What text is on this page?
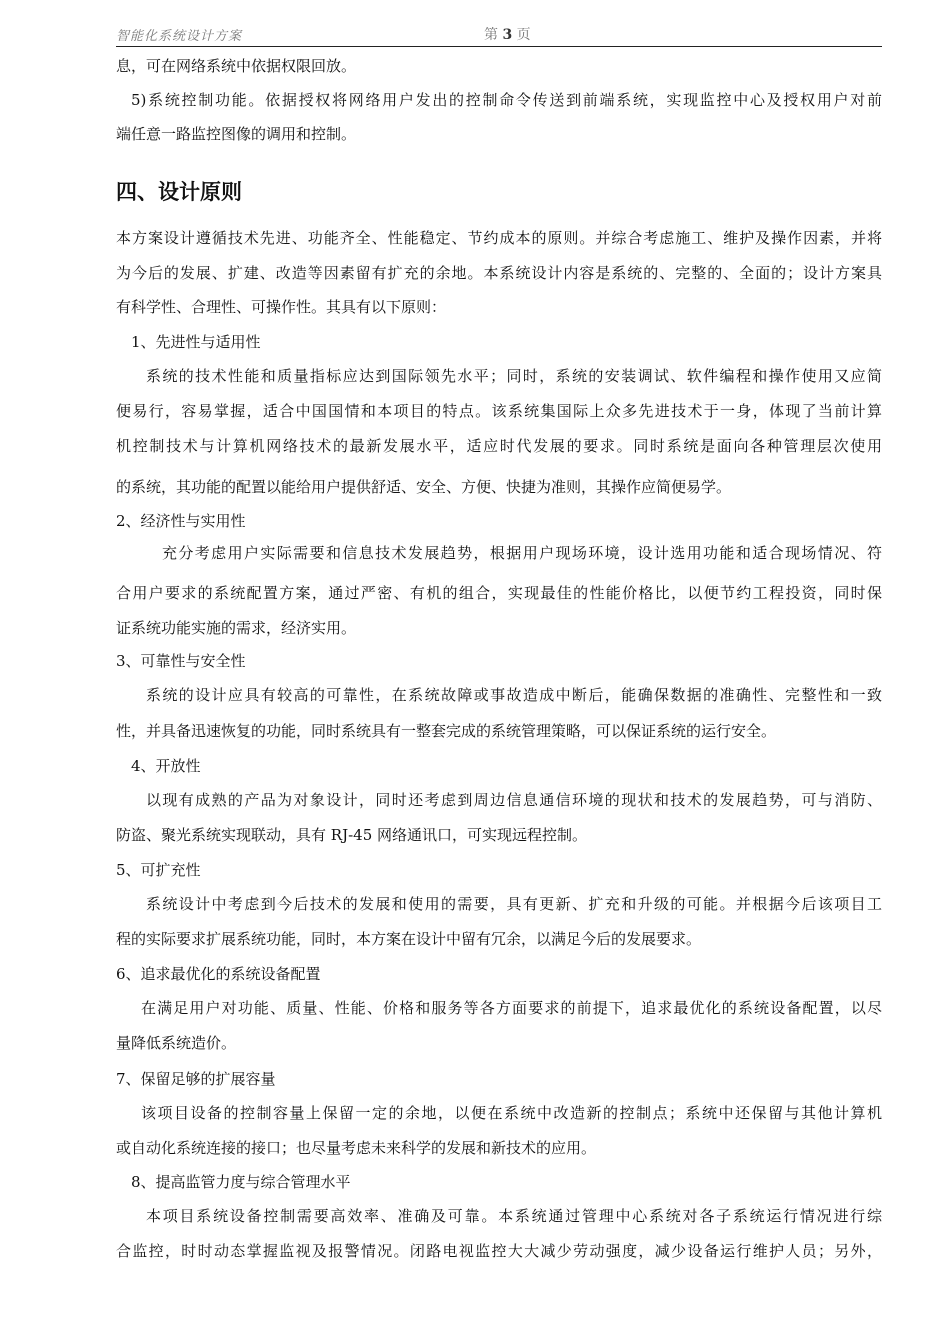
智能化系统设计方案	第 3 页
息，可在网络系统中依据权限回放。
5)系统控制功能。依据授权将网络用户发出的控制命令传送到前端系统，实现监控中心及授权用户对前
端任意一路监控图像的调用和控制。
四、设计原则
本方案设计遵循技术先进、功能齐全、性能稳定、节约成本的原则。并综合考虑施工、维护及操作因素，并将
为今后的发展、扩建、改造等因素留有扩充的余地。本系统设计内容是系统的、完整的、全面的；设计方案具
有科学性、合理性、可操作性。其具有以下原则：
1、先进性与适用性
系统的技术性能和质量指标应达到国际领先水平；同时，系统的安装调试、软件编程和操作使用又应简
便易行，容易掌握，适合中国国情和本项目的特点。该系统集国际上众多先进技术于一身，体现了当前计算
机控制技术与计算机网络技术的最新发展水平，适应时代发展的要求。同时系统是面向各种管理层次使用
的系统，其功能的配置以能给用户提供舒适、安全、方便、快捷为准则，其操作应简便易学。
2、经济性与实用性
充分考虑用户实际需要和信息技术发展趋势，根据用户现场环境，设计选用功能和适合现场情况、符
合用户要求的系统配置方案，通过严密、有机的组合，实现最佳的性能价格比，以便节约工程投资，同时保
证系统功能实施的需求，经济实用。
3、可靠性与安全性
系统的设计应具有较高的可靠性，在系统故障或事故造成中断后，能确保数据的准确性、完整性和一致
性，并具备迅速恢复的功能，同时系统具有一整套完成的系统管理策略，可以保证系统的运行安全。
4、开放性
以现有成熟的产品为对象设计，同时还考虑到周边信息通信环境的现状和技术的发展趋势，可与消防、
防盗、聚光系统实现联动，具有 RJ-45 网络通讯口，可实现远程控制。
5、可扩充性
系统设计中考虑到今后技术的发展和使用的需要，具有更新、扩充和升级的可能。并根据今后该项目工
程的实际要求扩展系统功能，同时，本方案在设计中留有冗余，以满足今后的发展要求。
6、追求最优化的系统设备配置
在满足用户对功能、质量、性能、价格和服务等各方面要求的前提下，追求最优化的系统设备配置，以尽
量降低系统造价。
7、保留足够的扩展容量
该项目设备的控制容量上保留一定的余地，以便在系统中改造新的控制点；系统中还保留与其他计算机
或自动化系统连接的接口；也尽量考虑未来科学的发展和新技术的应用。
8、提高监管力度与综合管理水平
本项目系统设备控制需要高效率、准确及可靠。本系统通过管理中心系统对各子系统运行情况进行综
合监控，时时动态掌握监视及报警情况。闭路电视监控大大减少劳动强度，减少设备运行维护人员；另外，
